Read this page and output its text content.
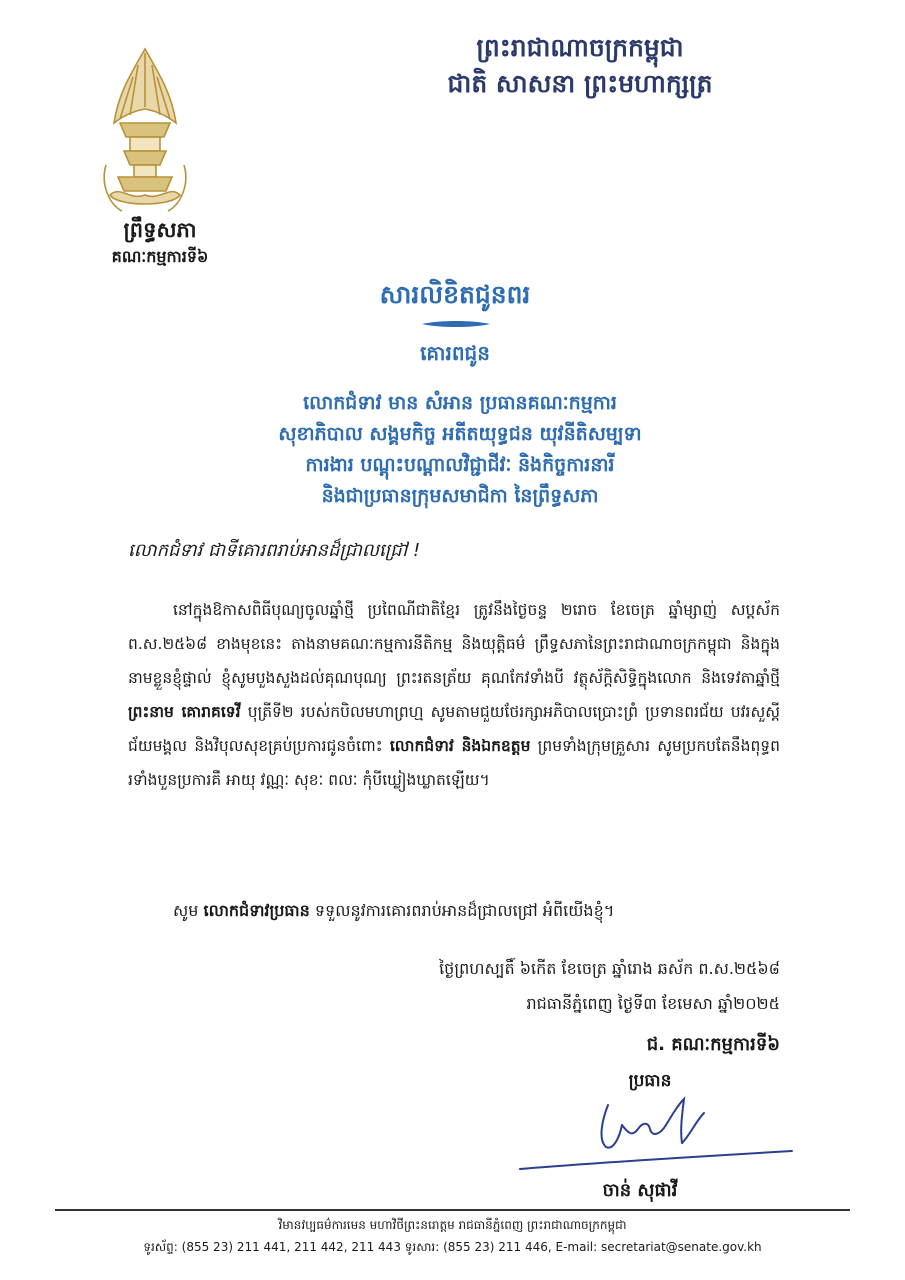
ព្រះរាជាណាចក្រកម្ពុជា
ជាតិ សាសនា ព្រះមហាក្សត្រ
ព្រឹទ្ធសភា
គណៈកម្មការទី៦
សារលិខិតជូនពរ
គោរពជូន
លោកជំទាវ មាន សំអាន ប្រធានគណៈកម្មការ
សុខាភិបាល សង្គមកិច្ច អតីតយុទ្ធជន យុវនីតិសម្បទា
ការងារ បណ្ដុះបណ្ដាលវិជ្ជាជីវៈ និងកិច្ចការនារី
និងជាប្រធានក្រុមសមាជិកា នៃព្រឹទ្ធសភា
លោកជំទាវ ជាទីគោរពរាប់អានដ៏ជ្រាលជ្រៅ !
នៅក្នុងឱកាសពិធីបុណ្យចូលឆ្នាំថ្មី ប្រពៃណីជាតិខ្មែរ ត្រូវនឹងថ្ងៃចន្ទ ២រោច ខែចេត្រ ឆ្នាំម្សាញ់ សប្តស័ក ព.ស.២៥៦៨ ខាងមុខនេះ តាងនាមគណៈកម្មការនីតិកម្ម និងយុត្តិធម៌ ព្រឹទ្ធសភានៃព្រះរាជាណាចក្រកម្ពុជា និងក្នុងនាមខ្លួនខ្ញុំផ្ទាល់ ខ្ញុំសូមបួងសួងដល់គុណបុណ្យ ព្រះរតនត្រ័យ គុណកែវទាំងបី វត្ថុស័ក្តិសិទ្ធិក្នុងលោក និងទេវតាឆ្នាំថ្មី ព្រះនាម គោរាគទេវី បុត្រីទី២ របស់កបិលមហាព្រហ្ម សូមតាមជួយថែរក្សាអភិបាលប្រោះព្រំ ប្រទានពរជ័យ បវរសួស្តី ជ័យមង្គល និងវិបុលសុខគ្រប់ប្រការជូនចំពោះ លោកជំទាវ និងឯកឧត្តម ព្រមទាំងក្រុមគ្រួសារ សូមប្រកបតែនឹងពុទ្ធពរទាំងបួនប្រការគឺ អាយុ វណ្ណៈ សុខៈ ពលៈ កុំបីឃ្លៀងឃ្លាតឡើយ។
សូម លោកជំទាវប្រធាន ទទួលនូវការគោរពរាប់អានដ៏ជ្រាលជ្រៅ អំពីយើងខ្ញុំ។
ថ្ងៃព្រហស្បតិ៍ ៦កើត ខែចេត្រ ឆ្នាំរោង ឆស័ក ព.ស.២៥៦៨
រាជធានីភ្នំពេញ ថ្ងៃទី៣ ខែមេសា ឆ្នាំ២០២៥
ជ. គណៈកម្មការទី៦
ប្រធាន
ចាន់ សុផាវី
វិមានវប្បធម៌ការមេន មហាវិថីព្រះនរោត្តម រាជធានីភ្នំពេញ ព្រះរាជាណាចក្រកម្ពុជា
ទូរស័ព្ទ: (855 23) 211 441, 211 442, 211 443 ទូរសារ: (855 23) 211 446, E-mail: secretariat@senate.gov.kh
